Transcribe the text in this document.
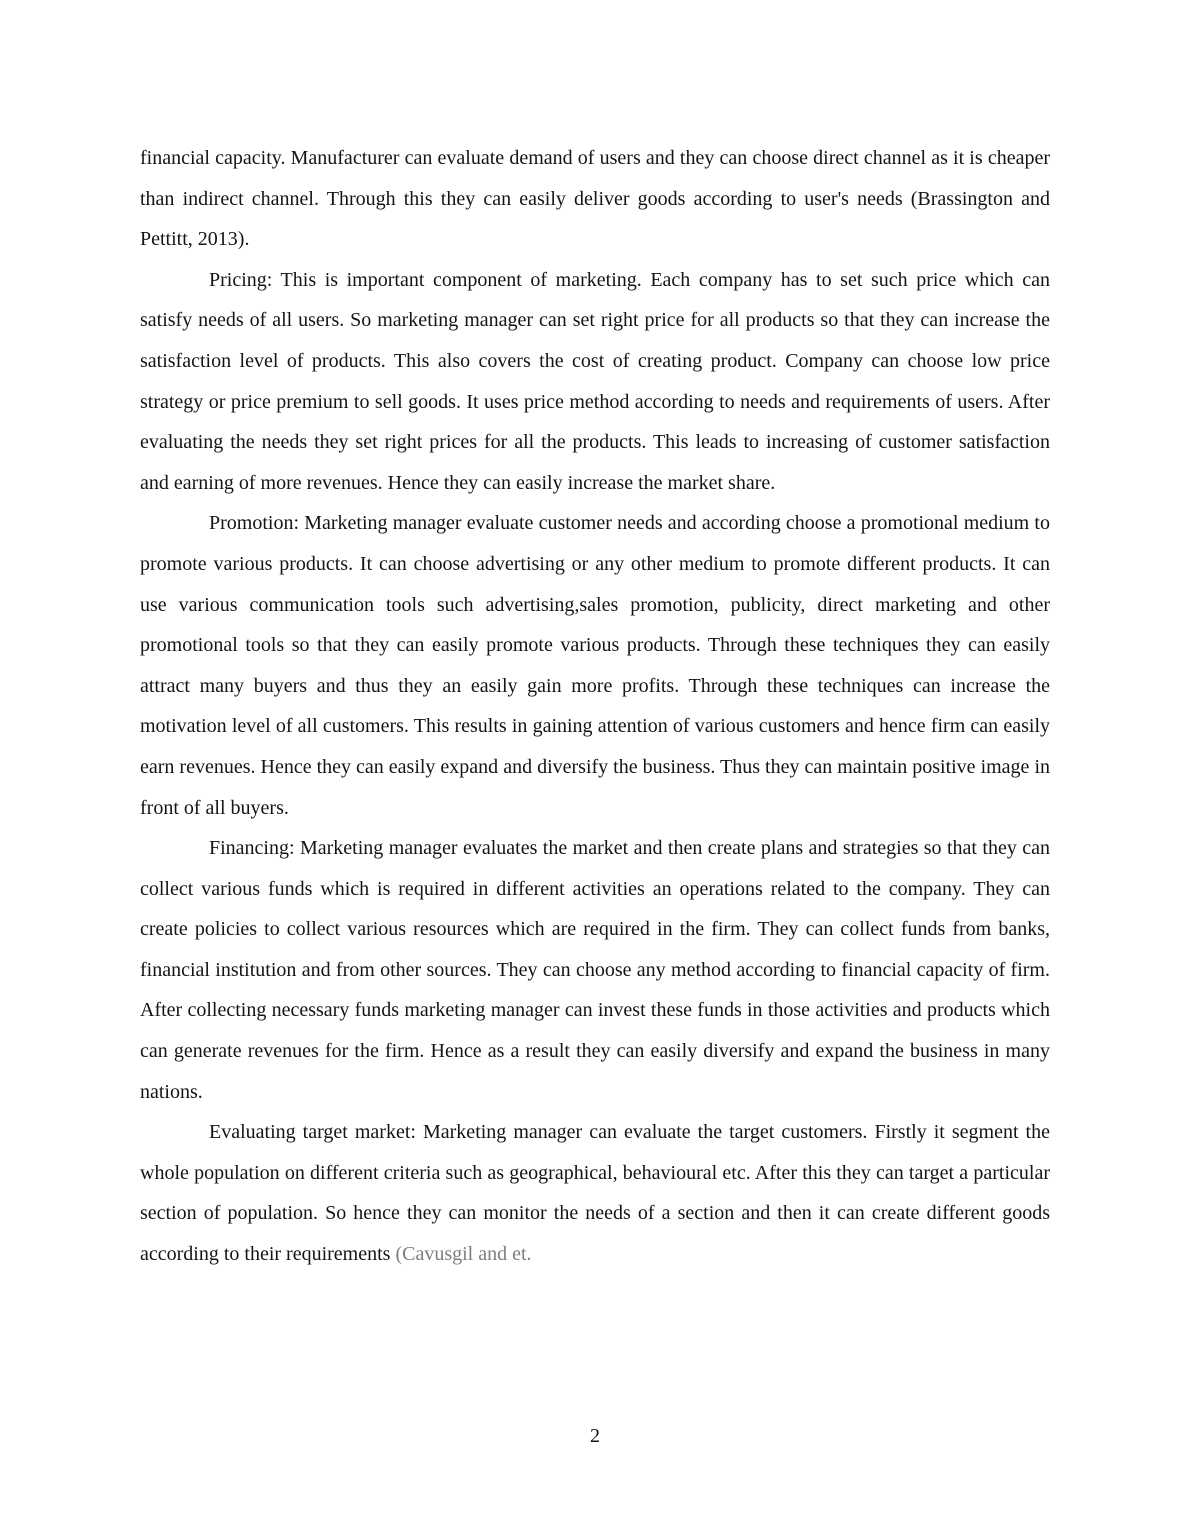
financial capacity. Manufacturer can evaluate demand of users and they can choose direct channel as it is cheaper than indirect channel. Through this they can easily deliver goods according to user's needs (Brassington and Pettitt, 2013).

Pricing: This is important component of marketing. Each company has to set such price which can satisfy needs of all users. So marketing manager can set right price for all products so that they can increase the satisfaction level of products. This also covers the cost of creating product. Company can choose low price strategy or price premium to sell goods. It uses price method according to needs and requirements of users. After evaluating the needs they set right prices for all the products. This leads to increasing of customer satisfaction and earning of more revenues. Hence they can easily increase the market share.

Promotion: Marketing manager evaluate customer needs and according choose a promotional medium to promote various products. It can choose advertising or any other medium to promote different products. It can use various communication tools such advertising,sales promotion, publicity, direct marketing and other promotional tools so that they can easily promote various products. Through these techniques they can easily attract many buyers and thus they an easily gain more profits. Through these techniques can increase the motivation level of all customers. This results in gaining attention of various customers and hence firm can easily earn revenues. Hence they can easily expand and diversify the business. Thus they can maintain positive image in front of all buyers.

Financing: Marketing manager evaluates the market and then create plans and strategies so that they can collect various funds which is required in different activities an operations related to the company. They can create policies to collect various resources which are required in the firm. They can collect funds from banks, financial institution and from other sources. They can choose any method according to financial capacity of firm. After collecting necessary funds marketing manager can invest these funds in those activities and products which can generate revenues for the firm. Hence as a result they can easily diversify and expand the business in many nations.

Evaluating target market: Marketing manager can evaluate the target customers. Firstly it segment the whole population on different criteria such as geographical, behavioural etc. After this they can target a particular section of population. So hence they can monitor the needs of a section and then it can create different goods according to their requirements (Cavusgil and et.

2
